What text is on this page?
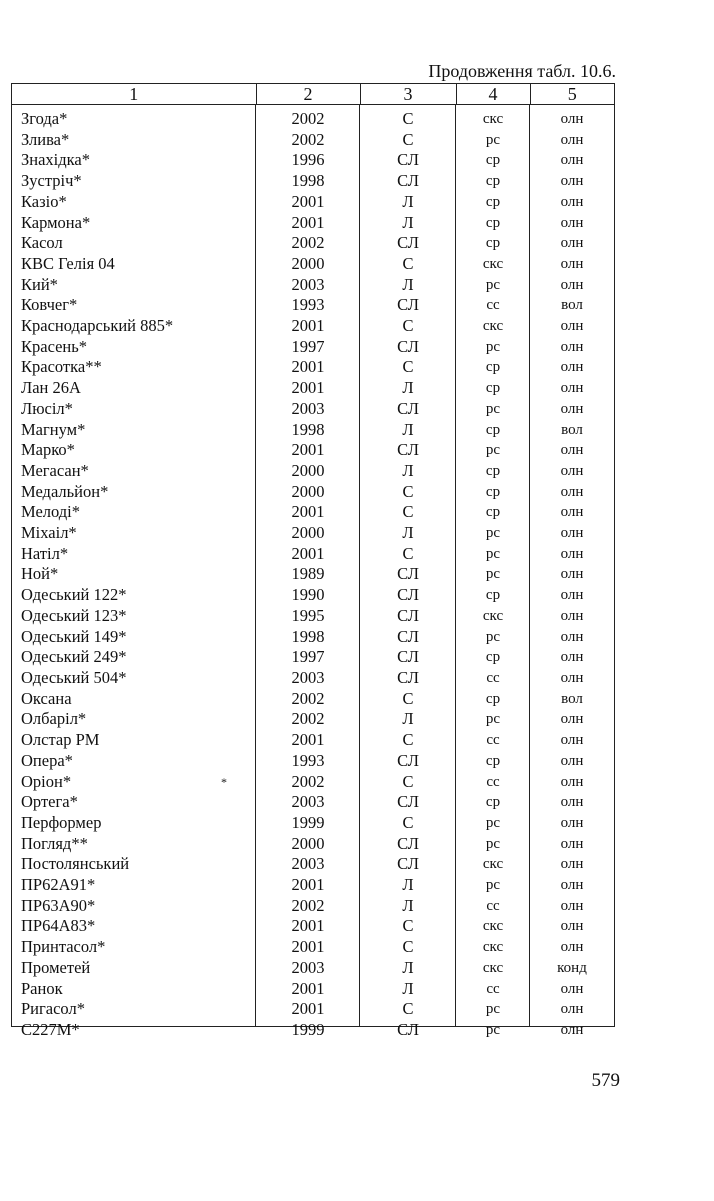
Продовження табл. 10.6.
1	2	3	4	5

Згода*	2002	С	скс	олн
Злива*	2002	С	рс	олн
Знахідка*	1996	СЛ	ср	олн
Зустріч*	1998	СЛ	ср	олн
Казіо*	2001	Л	ср	олн
Кармона*	2001	Л	ср	олн
Касол	2002	СЛ	ср	олн
КВС Гелія 04	2000	С	скс	олн
Кий*	2003	Л	рс	олн
Ковчег*	1993	СЛ	сс	вол
Краснодарський 885*	2001	С	скс	олн
Красень*	1997	СЛ	рс	олн
Красотка**	2001	С	ср	олн
Лан 26А	2001	Л	ср	олн
Люсіл*	2003	СЛ	рс	олн
Магнум*	1998	Л	ср	вол
Марко*	2001	СЛ	рс	олн
Мегасан*	2000	Л	ср	олн
Медальйон*	2000	С	ср	олн
Мелоді*	2001	С	ср	олн
Міхаіл*	2000	Л	рс	олн
Натіл*	2001	С	рс	олн
Ной*	1989	СЛ	рс	олн
Одеський 122*	1990	СЛ	ср	олн
Одеський 123*	1995	СЛ	скс	олн
Одеський 149*	1998	СЛ	рс	олн
Одеський 249*	1997	СЛ	ср	олн
Одеський 504*	2003	СЛ	сс	олн
Оксана	2002	С	ср	вол
Олбаріл*	2002	Л	рс	олн
Олстар РМ	2001	С	сс	олн
Опера*	1993	СЛ	ср	олн
Оріон*	2002	С	сс	олн
Ортега*	2003	СЛ	ср	олн
Перформер	1999	С	рс	олн
Погляд**	2000	СЛ	рс	олн
Постолянський	2003	СЛ	скс	олн
ПР62А91*	2001	Л	рс	олн
ПР63А90*	2002	Л	сс	олн
ПР64А83*	2001	С	скс	олн
Принтасол*	2001	С	скс	олн
Прометей	2003	Л	скс	конд
Ранок	2001	Л	сс	олн
Ригасол*	2001	С	рс	олн
С227М*	1999	СЛ	рс	олн
*
579
